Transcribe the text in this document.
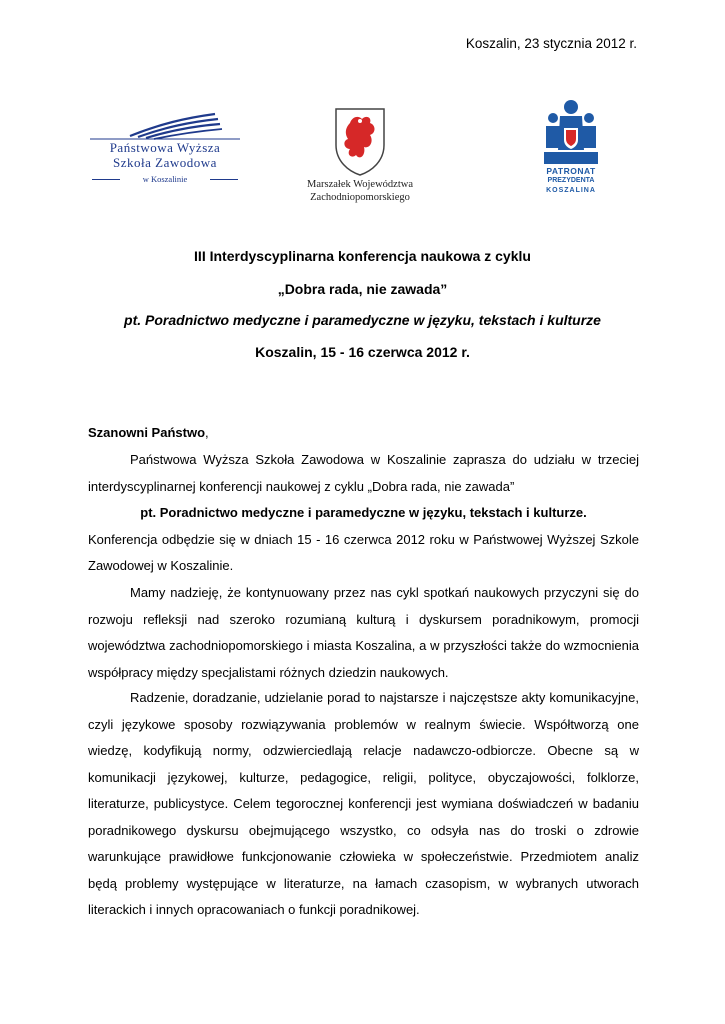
Koszalin, 23 stycznia 2012 r.
Państwowa Wyższa
Szkoła Zawodowa
w Koszalinie	Marszałek Województwa
Zachodniopomorskiego
PATRONAT
PREZYDENTA
KOSZALINA
III Interdyscyplinarna konferencja naukowa z cyklu
„Dobra rada, nie zawada”
pt. Poradnictwo medyczne i paramedyczne w języku, tekstach i kulturze
Koszalin, 15 - 16 czerwca 2012 r.
Szanowni Państwo,

Państwowa Wyższa Szkoła Zawodowa w Koszalinie zaprasza do udziału w trzeciej interdyscyplinarnej konferencji naukowej z cyklu „Dobra rada, nie zawada”

pt. Poradnictwo medyczne i paramedyczne w języku, tekstach i kulturze.

Konferencja odbędzie się w dniach 15 - 16 czerwca 2012 roku w Państwowej Wyższej Szkole Zawodowej w Koszalinie.

Mamy nadzieję, że kontynuowany przez nas cykl spotkań naukowych przyczyni się do rozwoju refleksji nad szeroko rozumianą kulturą i dyskursem poradnikowym, promocji województwa zachodniopomorskiego i miasta Koszalina, a w przyszłości także do wzmocnienia współpracy między specjalistami różnych dziedzin naukowych.

Radzenie, doradzanie, udzielanie porad to najstarsze i najczęstsze akty komunikacyjne, czyli językowe sposoby rozwiązywania problemów w realnym świecie. Współtworzą one wiedzę, kodyfikują normy, odzwierciedlają relacje nadawczo-odbiorcze. Obecne są w komunikacji językowej, kulturze, pedagogice, religii, polityce, obyczajowości, folklorze, literaturze, publicystyce. Celem tegorocznej konferencji jest wymiana doświadczeń w badaniu poradnikowego dyskursu obejmującego wszystko, co odsyła nas do troski o zdrowie warunkujące prawidłowe funkcjonowanie człowieka w społeczeństwie. Przedmiotem analiz będą problemy występujące w literaturze, na łamach czasopism, w wybranych utworach literackich i innych opracowaniach o funkcji poradnikowej.
